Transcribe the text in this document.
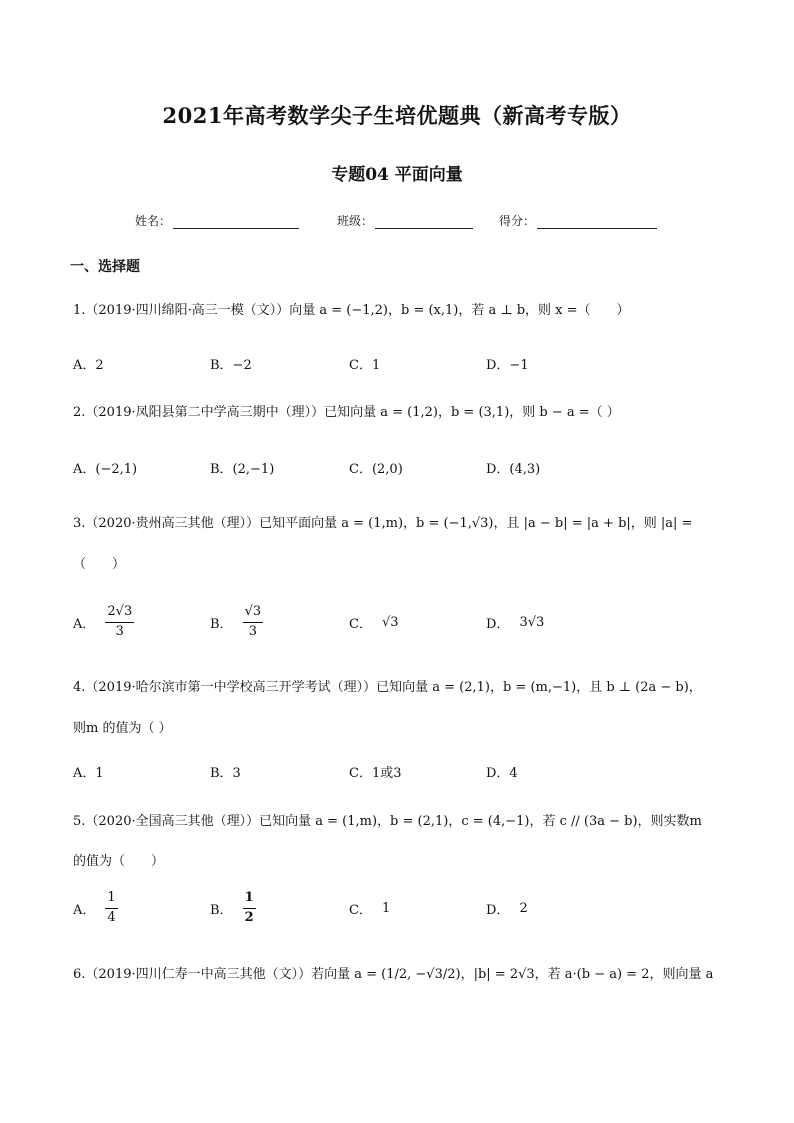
2021年高考数学尖子生培优题典（新高考专版）
专题04 平面向量
姓名：	班级：	得分：
一、选择题
1.（2019·四川绵阳·高三一模（文））向量 a = (−1,2)，b = (x,1)，若 a ⊥ b，则 x =（　　）
A．2	B．−2	C．1	D．−1
2.（2019·凤阳县第二中学高三期中（理））已知向量 a = (1,2)，b = (3,1)，则 b − a =（ ）
A．(−2,1)	B．(2,−1)	C．(2,0)	D．(4,3)
3.（2020·贵州高三其他（理））已知平面向量 a = (1,m)，b = (−1,√3)，且 |a − b| = |a + b|，则 |a| =
（　　）
A． $\frac{2√3}{3}$	B． $\frac{√3}{3}$	C． √3	D． 3√3
4.（2019·哈尔滨市第一中学校高三开学考试（理））已知向量 a = (2,1)，b = (m,−1)，且 b ⊥ (2a − b)，
则m 的值为（ ）
A．1	B．3	C．1或3	D．4
5.（2020·全国高三其他（理））已知向量 a = (1,m)，b = (2,1)，c = (4,−1)，若 c // (3a − b)，则实数m
的值为（　　）
A． $\frac{1}{4}$	B． $\frac{1}{2}$	C． 1	D． 2
6.（2019·四川仁寿一中高三其他（文））若向量 a = (1/2, −√3/2)，|b| = 2√3，若 a·(b − a) = 2，则向量 a
